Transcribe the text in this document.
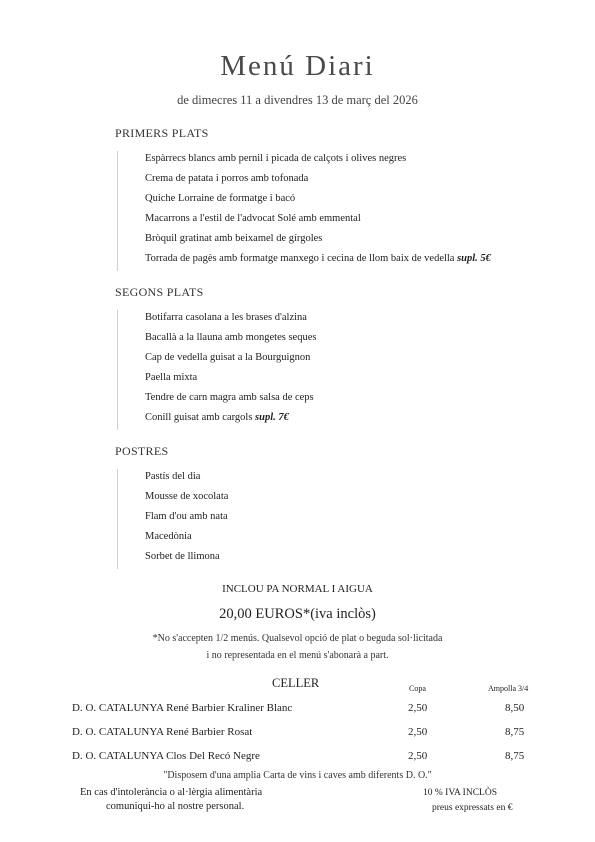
Menú Diari
de dimecres 11 a divendres 13 de març del 2026
PRIMERS PLATS
Espàrrecs blancs amb pernil i picada de calçots i olives negres
Crema de patata i porros amb tofonada
Quiche Lorraine de formatge i bacó
Macarrons a l'estil de l'advocat Solé amb emmental
Bròquil gratinat amb beixamel de gírgoles
Torrada de pagès amb formatge manxego i cecina de llom baix de vedella supl. 5€
SEGONS PLATS
Botifarra casolana a les brases d'alzina
Bacallà a la llauna amb mongetes seques
Cap de vedella guisat a la Bourguignon
Paella mixta
Tendre de carn magra amb salsa de ceps
Conill guisat amb cargols supl. 7€
POSTRES
Pastís del dia
Mousse de xocolata
Flam d'ou amb nata
Macedònia
Sorbet de llimona
INCLOU PA NORMAL I AIGUA
20,00 EUROS*(iva inclòs)
*No s'accepten 1/2 menús. Qualsevol opció de plat o beguda sol·licitada
i no representada en el menú s'abonarà a part.
CELLER	Copa	Ampolla 3/4
D. O. CATALUNYA René Barbier Kraliner Blanc	2,50	8,50
D. O. CATALUNYA René Barbier Rosat	2,50	8,75
D. O. CATALUNYA Clos Del Recó Negre	2,50	8,75
"Disposem d'una amplia Carta de vins i caves amb diferents D. O."
En cas d'intolerància o al·lèrgia alimentària
comuniqui-ho al nostre personal.
10 % IVA INCLÒS
preus expressats en €
